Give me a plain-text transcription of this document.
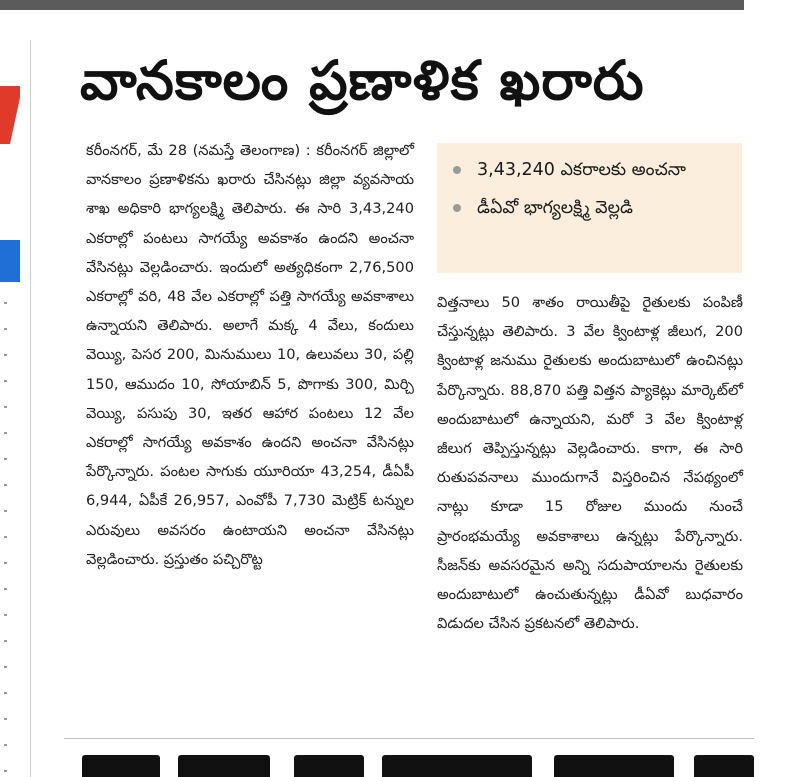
వానకాలం ప్రణాళిక ఖరారు
కరీంనగర్, మే 28 (నమస్తే తెలంగాణ) : కరీంనగర్ జిల్లాలో వానకాలం ప్రణాళికను ఖరారు చేసినట్లు జిల్లా వ్యవసాయ శాఖ అధికారి భాగ్యలక్ష్మి తెలిపారు. ఈ సారి 3,43,240 ఎకరాల్లో పంటలు సాగయ్యే అవకాశం ఉందని అంచనా వేసినట్లు వెల్లడించారు. ఇందులో అత్యధికంగా 2,76,500 ఎకరాల్లో వరి, 48 వేల ఎకరాల్లో పత్తి సాగయ్యే అవకాశాలు ఉన్నాయని తెలిపారు. అలాగే మక్క 4 వేలు, కందులు వెయ్యి, పెసర 200, మినుములు 10, ఉలువలు 30, పల్లి 150, ఆముదం 10, సోయాబిన్ 5, పొగాకు 300, మిర్చి వెయ్యి, పసుపు 30, ఇతర ఆహార పంటలు 12 వేల ఎకరాల్లో సాగయ్యే అవకాశం ఉందని అంచనా వేసినట్లు పేర్కొన్నారు. పంటల సాగుకు యూరియా 43,254, డీఏపీ 6,944, ఏపీకే 26,957, ఎంవోపీ 7,730 మెట్రిక్ టన్నుల ఎరువులు అవసరం ఉంటాయని అంచనా వేసినట్లు వెల్లడించారు. ప్రస్తుతం పచ్చిరొట్ట
3,43,240 ఎకరాలకు అంచనా
డీఏవో భాగ్యలక్ష్మి వెల్లడి
విత్తనాలు 50 శాతం రాయితీపై రైతులకు పంపిణీ చేస్తున్నట్లు తెలిపారు. 3 వేల క్వింటాళ్ల జీలుగ, 200 క్వింటాళ్ల జనుము రైతులకు అందుబాటులో ఉంచినట్లు పేర్కొన్నారు. 88,870 పత్తి విత్తన ప్యాకెట్లు మార్కెట్‌లో అందుబాటులో ఉన్నాయని, మరో 3 వేల క్వింటాళ్ల జీలుగ తెప్పిస్తున్నట్లు వెల్లడించారు. కాగా, ఈ సారి రుతుపవనాలు ముందుగానే విస్తరించిన నేపథ్యంలో నాట్లు కూడా 15 రోజుల ముందు నుంచే ప్రారంభమయ్యే అవకాశాలు ఉన్నట్లు పేర్కొన్నారు. సీజన్‌కు అవసరమైన అన్ని సదుపాయాలను రైతులకు అందుబాటులో ఉంచుతున్నట్లు డీఏవో బుధవారం విడుదల చేసిన ప్రకటనలో తెలిపారు.
